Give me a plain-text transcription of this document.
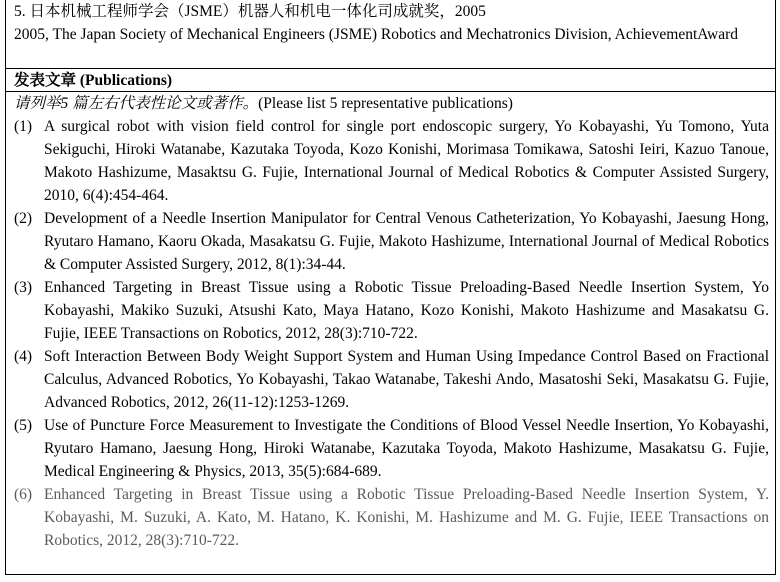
5. 日本机械工程师学会（JSME）机器人和机电一体化司成就奖，2005
2005, The Japan Society of Mechanical Engineers (JSME) Robotics and Mechatronics Division, AchievementAward
发表文章 (Publications)
请列举5 篇左右代表性论文或著作。(Please list 5 representative publications)
(1) A surgical robot with vision field control for single port endoscopic surgery, Yo Kobayashi, Yu Tomono, Yuta Sekiguchi, Hiroki Watanabe, Kazutaka Toyoda, Kozo Konishi, Morimasa Tomikawa, Satoshi Ieiri, Kazuo Tanoue, Makoto Hashizume, Masaktsu G. Fujie, International Journal of Medical Robotics & Computer Assisted Surgery, 2010, 6(4):454-464.
(2) Development of a Needle Insertion Manipulator for Central Venous Catheterization, Yo Kobayashi, Jaesung Hong, Ryutaro Hamano, Kaoru Okada, Masakatsu G. Fujie, Makoto Hashizume, International Journal of Medical Robotics & Computer Assisted Surgery, 2012, 8(1):34-44.
(3) Enhanced Targeting in Breast Tissue using a Robotic Tissue Preloading-Based Needle Insertion System, Yo Kobayashi, Makiko Suzuki, Atsushi Kato, Maya Hatano, Kozo Konishi, Makoto Hashizume and Masakatsu G. Fujie, IEEE Transactions on Robotics, 2012, 28(3):710-722.
(4) Soft Interaction Between Body Weight Support System and Human Using Impedance Control Based on Fractional Calculus, Advanced Robotics, Yo Kobayashi, Takao Watanabe, Takeshi Ando, Masatoshi Seki, Masakatsu G. Fujie, Advanced Robotics, 2012, 26(11-12):1253-1269.
(5) Use of Puncture Force Measurement to Investigate the Conditions of Blood Vessel Needle Insertion, Yo Kobayashi, Ryutaro Hamano, Jaesung Hong, Hiroki Watanabe, Kazutaka Toyoda, Makoto Hashizume, Masakatsu G. Fujie, Medical Engineering & Physics, 2013, 35(5):684-689.
(6) Enhanced Targeting in Breast Tissue using a Robotic Tissue Preloading-Based Needle Insertion System, Y. Kobayashi, M. Suzuki, A. Kato, M. Hatano, K. Konishi, M. Hashizume and M. G. Fujie, IEEE Transactions on Robotics, 2012, 28(3):710-722.
